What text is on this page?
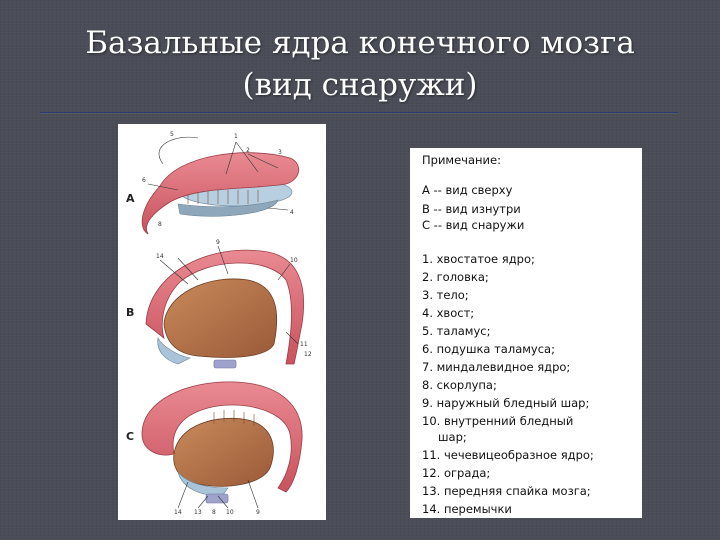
Базальные ядра конечного мозга
(вид снаружи)
A
5	1
2	3
6
8
4
B
14
9
10
11
12
C
14 13 8 10	9
Примечание:
A -- вид сверху
B -- вид изнутри
C -- вид снаружи
1. хвостатое ядро;
2. головка;
3. тело;
4. хвост;
5. таламус;
6. подушка таламуса;
7. миндалевидное ядро;
8. скорлупа;
9. наружный бледный шар;
10. внутренний бледный
шар;
11. чечевицеобразное ядро;
12. ограда;
13. передняя спайка мозга;
14. перемычки
